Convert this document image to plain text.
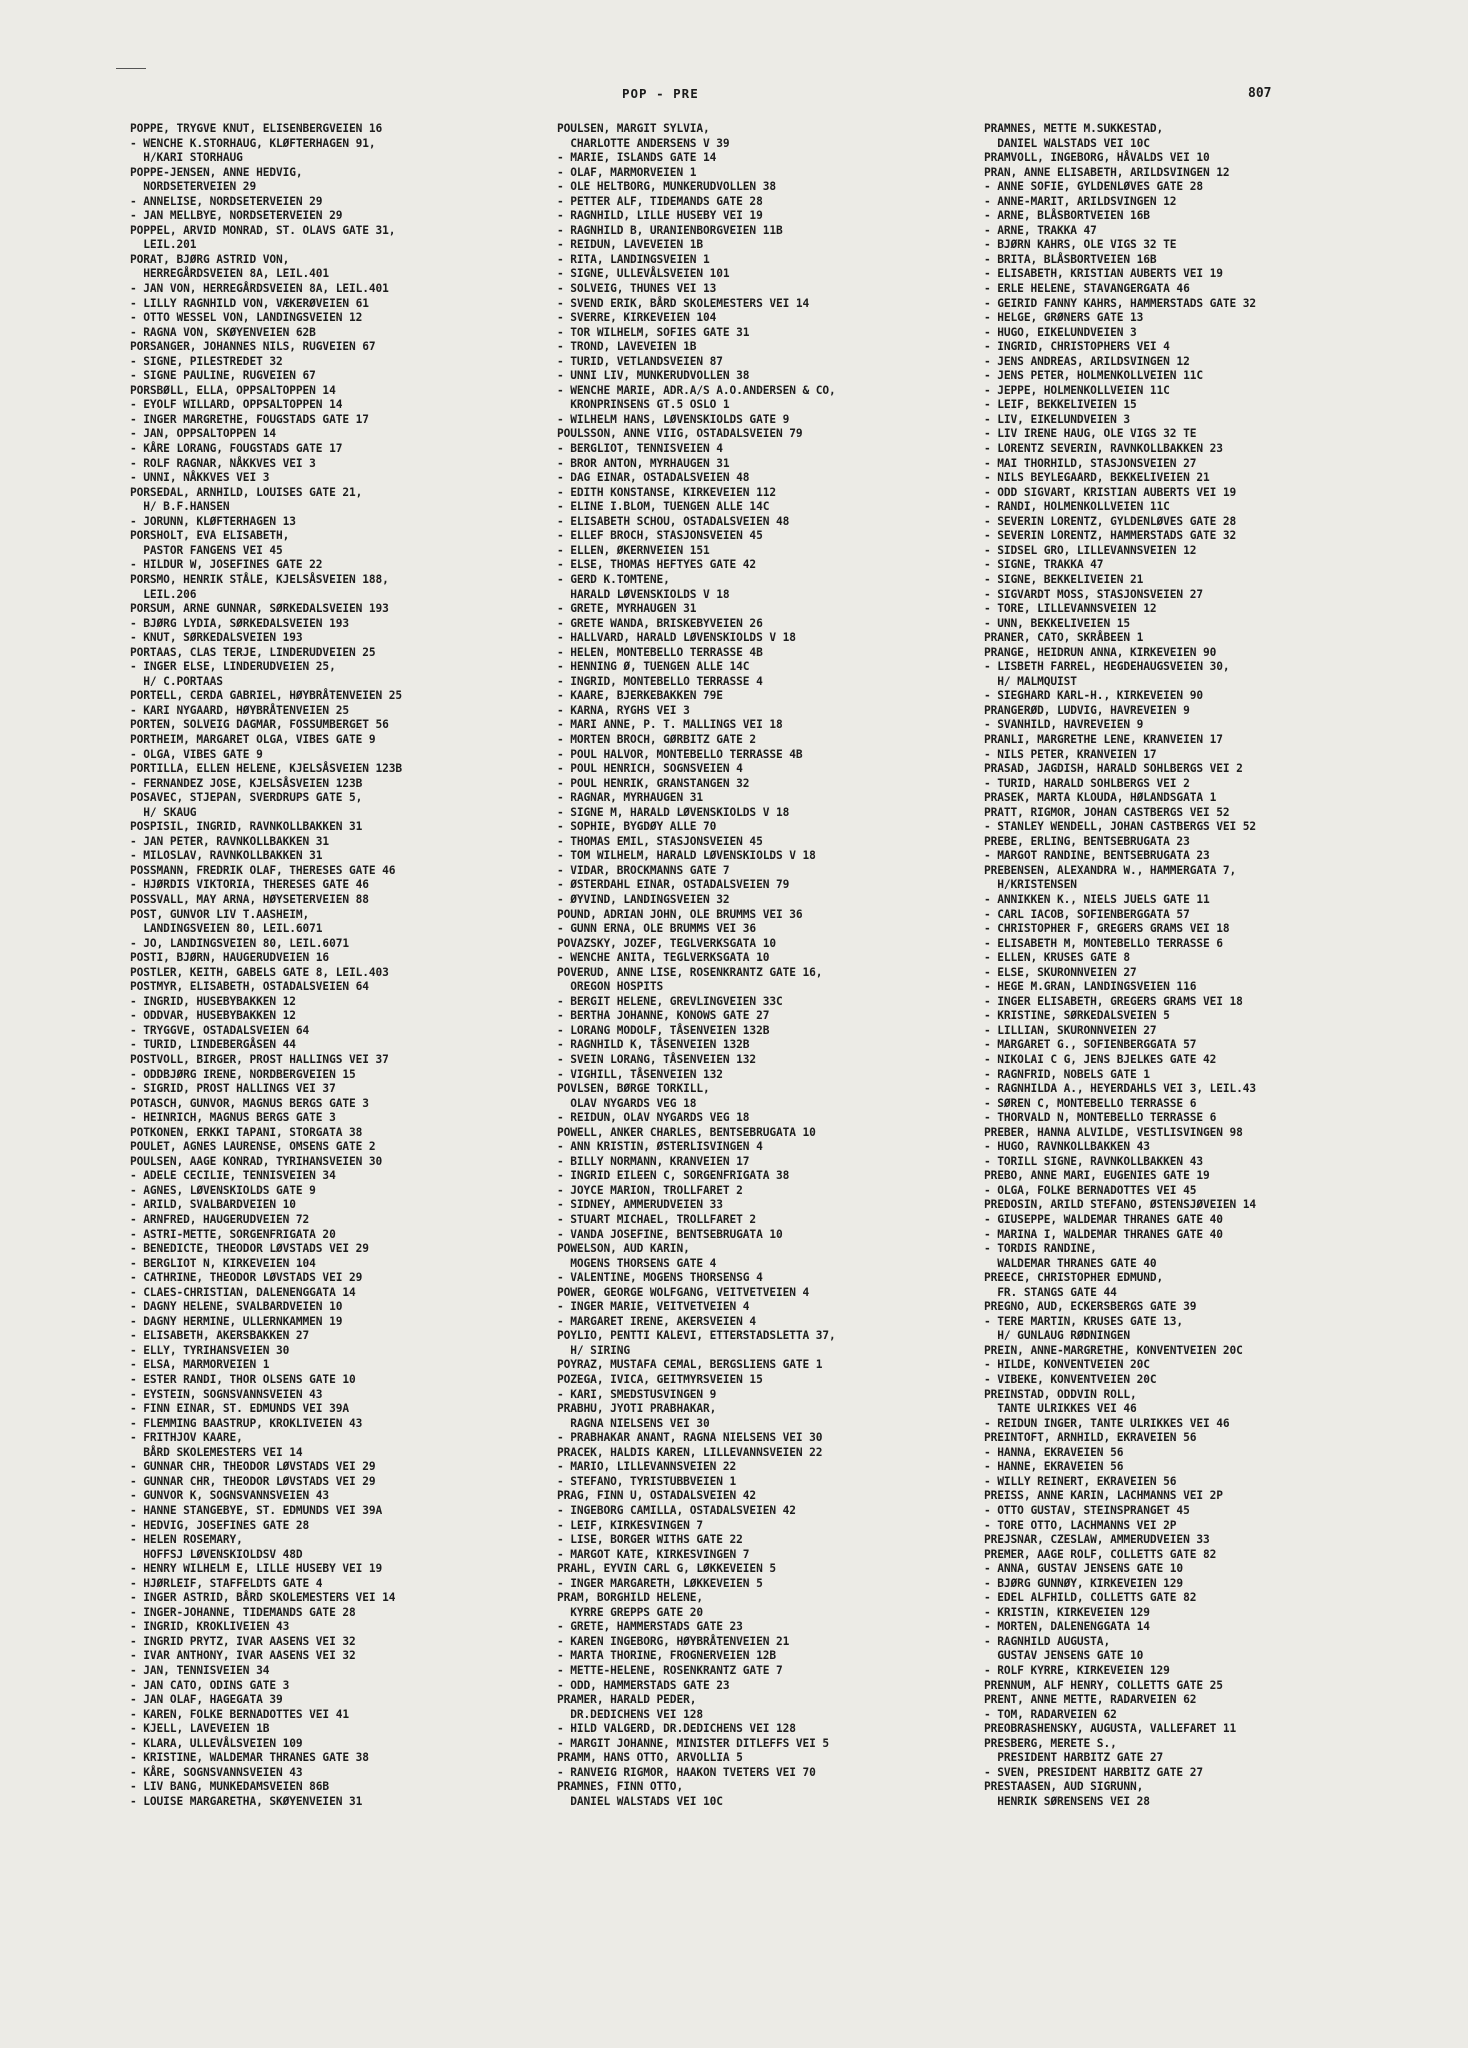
POP - PRE	807
POPPE, TRYGVE KNUT, ELISENBERGVEIEN 16
- WENCHE K.STORHAUG, KLØFTERHAGEN 91,
H/KARI STORHAUG
POPPE-JENSEN, ANNE HEDVIG,
NORDSETERVEIEN 29
- ANNELISE, NORDSETERVEIEN 29
- JAN MELLBYE, NORDSETERVEIEN 29
POPPEL, ARVID MONRAD, ST. OLAVS GATE 31,
LEIL.201
PORAT, BJØRG ASTRID VON,
HERREGÅRDSVEIEN 8A, LEIL.401
- JAN VON, HERREGÅRDSVEIEN 8A, LEIL.401
- LILLY RAGNHILD VON, VÆKERØVEIEN 61
- OTTO WESSEL VON, LANDINGSVEIEN 12
- RAGNA VON, SKØYENVEIEN 62B
PORSANGER, JOHANNES NILS, RUGVEIEN 67
- SIGNE, PILESTREDET 32
- SIGNE PAULINE, RUGVEIEN 67
PORSBØLL, ELLA, OPPSALTOPPEN 14
- EYOLF WILLARD, OPPSALTOPPEN 14
- INGER MARGRETHE, FOUGSTADS GATE 17
- JAN, OPPSALTOPPEN 14
- KÅRE LORANG, FOUGSTADS GATE 17
- ROLF RAGNAR, NÅKKVES VEI 3
- UNNI, NÅKKVES VEI 3
PORSEDAL, ARNHILD, LOUISES GATE 21,
H/ B.F.HANSEN
- JORUNN, KLØFTERHAGEN 13
PORSHOLT, EVA ELISABETH,
PASTOR FANGENS VEI 45
- HILDUR W, JOSEFINES GATE 22
PORSMO, HENRIK STÅLE, KJELSÅSVEIEN 188,
LEIL.206
PORSUM, ARNE GUNNAR, SØRKEDALSVEIEN 193
- BJØRG LYDIA, SØRKEDALSVEIEN 193
- KNUT, SØRKEDALSVEIEN 193
PORTAAS, CLAS TERJE, LINDERUDVEIEN 25
- INGER ELSE, LINDERUDVEIEN 25,
H/ C.PORTAAS
PORTELL, CERDA GABRIEL, HØYBRÅTENVEIEN 25
- KARI NYGAARD, HØYBRÅTENVEIEN 25
PORTEN, SOLVEIG DAGMAR, FOSSUMBERGET 56
PORTHEIM, MARGARET OLGA, VIBES GATE 9
- OLGA, VIBES GATE 9
PORTILLA, ELLEN HELENE, KJELSÅSVEIEN 123B
- FERNANDEZ JOSE, KJELSÅSVEIEN 123B
POSAVEC, STJEPAN, SVERDRUPS GATE 5,
H/ SKAUG
POSPISIL, INGRID, RAVNKOLLBAKKEN 31
- JAN PETER, RAVNKOLLBAKKEN 31
- MILOSLAV, RAVNKOLLBAKKEN 31
POSSMANN, FREDRIK OLAF, THERESES GATE 46
- HJØRDIS VIKTORIA, THERESES GATE 46
POSSVALL, MAY ARNA, HØYSETERVEIEN 88
POST, GUNVOR LIV T.AASHEIM,
LANDINGSVEIEN 80, LEIL.6071
- JO, LANDINGSVEIEN 80, LEIL.6071
POSTI, BJØRN, HAUGERUDVEIEN 16
POSTLER, KEITH, GABELS GATE 8, LEIL.403
POSTMYR, ELISABETH, OSTADALSVEIEN 64
- INGRID, HUSEBYBAKKEN 12
- ODDVAR, HUSEBYBAKKEN 12
- TRYGGVE, OSTADALSVEIEN 64
- TURID, LINDEBERGÅSEN 44
POSTVOLL, BIRGER, PROST HALLINGS VEI 37
- ODDBJØRG IRENE, NORDBERGVEIEN 15
- SIGRID, PROST HALLINGS VEI 37
POTASCH, GUNVOR, MAGNUS BERGS GATE 3
- HEINRICH, MAGNUS BERGS GATE 3
POTKONEN, ERKKI TAPANI, STORGATA 38
POULET, AGNES LAURENSE, OMSENS GATE 2
POULSEN, AAGE KONRAD, TYRIHANSVEIEN 30
- ADELE CECILIE, TENNISVEIEN 34
- AGNES, LØVENSKIOLDS GATE 9
- ARILD, SVALBARDVEIEN 10
- ARNFRED, HAUGERUDVEIEN 72
- ASTRI-METTE, SORGENFRIGATA 20
- BENEDICTE, THEODOR LØVSTADS VEI 29
- BERGLIOT N, KIRKEVEIEN 104
- CATHRINE, THEODOR LØVSTADS VEI 29
- CLAES-CHRISTIAN, DALENENGGATA 14
- DAGNY HELENE, SVALBARDVEIEN 10
- DAGNY HERMINE, ULLERNKAMMEN 19
- ELISABETH, AKERSBAKKEN 27
- ELLY, TYRIHANSVEIEN 30
- ELSA, MARMORVEIEN 1
- ESTER RANDI, THOR OLSENS GATE 10
- EYSTEIN, SOGNSVANNSVEIEN 43
- FINN EINAR, ST. EDMUNDS VEI 39A
- FLEMMING BAASTRUP, KROKLIVEIEN 43
- FRITHJOV KAARE,
BÅRD SKOLEMESTERS VEI 14
- GUNNAR CHR, THEODOR LØVSTADS VEI 29
- GUNNAR CHR, THEODOR LØVSTADS VEI 29
- GUNVOR K, SOGNSVANNSVEIEN 43
- HANNE STANGEBYE, ST. EDMUNDS VEI 39A
- HEDVIG, JOSEFINES GATE 28
- HELEN ROSEMARY,
HOFFSJ LØVENSKIOLDSV 48D
- HENRY WILHELM E, LILLE HUSEBY VEI 19
- HJØRLEIF, STAFFELDTS GATE 4
- INGER ASTRID, BÅRD SKOLEMESTERS VEI 14
- INGER-JOHANNE, TIDEMANDS GATE 28
- INGRID, KROKLIVEIEN 43
- INGRID PRYTZ, IVAR AASENS VEI 32
- IVAR ANTHONY, IVAR AASENS VEI 32
- JAN, TENNISVEIEN 34
- JAN CATO, ODINS GATE 3
- JAN OLAF, HAGEGATA 39
- KAREN, FOLKE BERNADOTTES VEI 41
- KJELL, LAVEVEIEN 1B
- KLARA, ULLEVÅLSVEIEN 109
- KRISTINE, WALDEMAR THRANES GATE 38
- KÅRE, SOGNSVANNSVEIEN 43
- LIV BANG, MUNKEDAMSVEIEN 86B
- LOUISE MARGARETHA, SKØYENVEIEN 31
POULSEN, MARGIT SYLVIA,
CHARLOTTE ANDERSENS V 39
- MARIE, ISLANDS GATE 14
- OLAF, MARMORVEIEN 1
- OLE HELTBORG, MUNKERUDVOLLEN 38
- PETTER ALF, TIDEMANDS GATE 28
- RAGNHILD, LILLE HUSEBY VEI 19
- RAGNHILD B, URANIENBORGVEIEN 11B
- REIDUN, LAVEVEIEN 1B
- RITA, LANDINGSVEIEN 1
- SIGNE, ULLEVÅLSVEIEN 101
- SOLVEIG, THUNES VEI 13
- SVEND ERIK, BÅRD SKOLEMESTERS VEI 14
- SVERRE, KIRKEVEIEN 104
- TOR WILHELM, SOFIES GATE 31
- TROND, LAVEVEIEN 1B
- TURID, VETLANDSVEIEN 87
- UNNI LIV, MUNKERUDVOLLEN 38
- WENCHE MARIE, ADR.A/S A.O.ANDERSEN & CO,
KRONPRINSENS GT.5 OSLO 1
- WILHELM HANS, LØVENSKIOLDS GATE 9
POULSSON, ANNE VIIG, OSTADALSVEIEN 79
- BERGLIOT, TENNISVEIEN 4
- BROR ANTON, MYRHAUGEN 31
- DAG EINAR, OSTADALSVEIEN 48
- EDITH KONSTANSE, KIRKEVEIEN 112
- ELINE I.BLOM, TUENGEN ALLE 14C
- ELISABETH SCHOU, OSTADALSVEIEN 48
- ELLEF BROCH, STASJONSVEIEN 45
- ELLEN, ØKERNVEIEN 151
- ELSE, THOMAS HEFTYES GATE 42
- GERD K.TOMTENE,
HARALD LØVENSKIOLDS V 18
- GRETE, MYRHAUGEN 31
- GRETE WANDA, BRISKEBYVEIEN 26
- HALLVARD, HARALD LØVENSKIOLDS V 18
- HELEN, MONTEBELLO TERRASSE 4B
- HENNING Ø, TUENGEN ALLE 14C
- INGRID, MONTEBELLO TERRASSE 4
- KAARE, BJERKEBAKKEN 79E
- KARNA, RYGHS VEI 3
- MARI ANNE, P. T. MALLINGS VEI 18
- MORTEN BROCH, GØRBITZ GATE 2
- POUL HALVOR, MONTEBELLO TERRASSE 4B
- POUL HENRICH, SOGNSVEIEN 4
- POUL HENRIK, GRANSTANGEN 32
- RAGNAR, MYRHAUGEN 31
- SIGNE M, HARALD LØVENSKIOLDS V 18
- SOPHIE, BYGDØY ALLE 70
- THOMAS EMIL, STASJONSVEIEN 45
- TOM WILHELM, HARALD LØVENSKIOLDS V 18
- VIDAR, BROCKMANNS GATE 7
- ØSTERDAHL EINAR, OSTADALSVEIEN 79
- ØYVIND, LANDINGSVEIEN 32
POUND, ADRIAN JOHN, OLE BRUMMS VEI 36
- GUNN ERNA, OLE BRUMMS VEI 36
POVAZSKY, JOZEF, TEGLVERKSGATA 10
- WENCHE ANITA, TEGLVERKSGATA 10
POVERUD, ANNE LISE, ROSENKRANTZ GATE 16,
OREGON HOSPITS
- BERGIT HELENE, GREVLINGVEIEN 33C
- BERTHA JOHANNE, KONOWS GATE 27
- LORANG MODOLF, TÅSENVEIEN 132B
- RAGNHILD K, TÅSENVEIEN 132B
- SVEIN LORANG, TÅSENVEIEN 132
- VIGHILL, TÅSENVEIEN 132
POVLSEN, BØRGE TORKILL,
OLAV NYGARDS VEG 18
- REIDUN, OLAV NYGARDS VEG 18
POWELL, ANKER CHARLES, BENTSEBRUGATA 10
- ANN KRISTIN, ØSTERLISVINGEN 4
- BILLY NORMANN, KRANVEIEN 17
- INGRID EILEEN C, SORGENFRIGATA 38
- JOYCE MARION, TROLLFARET 2
- SIDNEY, AMMERUDVEIEN 33
- STUART MICHAEL, TROLLFARET 2
- VANDA JOSEFINE, BENTSEBRUGATA 10
POWELSON, AUD KARIN,
MOGENS THORSENS GATE 4
- VALENTINE, MOGENS THORSENSG 4
POWER, GEORGE WOLFGANG, VEITVETVEIEN 4
- INGER MARIE, VEITVETVEIEN 4
- MARGARET IRENE, AKERSVEIEN 4
POYLIO, PENTTI KALEVI, ETTERSTADSLETTA 37,
H/ SIRING
POYRAZ, MUSTAFA CEMAL, BERGSLIENS GATE 1
POZEGA, IVICA, GEITMYRSVEIEN 15
- KARI, SMEDSTUSVINGEN 9
PRABHU, JYOTI PRABHAKAR,
RAGNA NIELSENS VEI 30
- PRABHAKAR ANANT, RAGNA NIELSENS VEI 30
PRACEK, HALDIS KAREN, LILLEVANNSVEIEN 22
- MARIO, LILLEVANNSVEIEN 22
- STEFANO, TYRISTUBBVEIEN 1
PRAG, FINN U, OSTADALSVEIEN 42
- INGEBORG CAMILLA, OSTADALSVEIEN 42
- LEIF, KIRKESVINGEN 7
- LISE, BORGER WITHS GATE 22
- MARGOT KATE, KIRKESVINGEN 7
PRAHL, EYVIN CARL G, LØKKEVEIEN 5
- INGER MARGARETH, LØKKEVEIEN 5
PRAM, BORGHILD HELENE,
KYRRE GREPPS GATE 20
- GRETE, HAMMERSTADS GATE 23
- KAREN INGEBORG, HØYBRÅTENVEIEN 21
- MARTA THORINE, FROGNERVEIEN 12B
- METTE-HELENE, ROSENKRANTZ GATE 7
- ODD, HAMMERSTADS GATE 23
PRAMER, HARALD PEDER,
DR.DEDICHENS VEI 128
- HILD VALGERD, DR.DEDICHENS VEI 128
- MARGIT JOHANNE, MINISTER DITLEFFS VEI 5
PRAMM, HANS OTTO, ARVOLLIA 5
- RANVEIG RIGMOR, HAAKON TVETERS VEI 70
PRAMNES, FINN OTTO,
DANIEL WALSTADS VEI 10C
PRAMNES, METTE M.SUKKESTAD,
DANIEL WALSTADS VEI 10C
PRAMVOLL, INGEBORG, HÅVALDS VEI 10
PRAN, ANNE ELISABETH, ARILDSVINGEN 12
- ANNE SOFIE, GYLDENLØVES GATE 28
- ANNE-MARIT, ARILDSVINGEN 12
- ARNE, BLÅSBORTVEIEN 16B
- ARNE, TRAKKA 47
- BJØRN KAHRS, OLE VIGS 32 TE
- BRITA, BLÅSBORTVEIEN 16B
- ELISABETH, KRISTIAN AUBERTS VEI 19
- ERLE HELENE, STAVANGERGATA 46
- GEIRID FANNY KAHRS, HAMMERSTADS GATE 32
- HELGE, GRØNERS GATE 13
- HUGO, EIKELUNDVEIEN 3
- INGRID, CHRISTOPHERS VEI 4
- JENS ANDREAS, ARILDSVINGEN 12
- JENS PETER, HOLMENKOLLVEIEN 11C
- JEPPE, HOLMENKOLLVEIEN 11C
- LEIF, BEKKELIVEIEN 15
- LIV, EIKELUNDVEIEN 3
- LIV IRENE HAUG, OLE VIGS 32 TE
- LORENTZ SEVERIN, RAVNKOLLBAKKEN 23
- MAI THORHILD, STASJONSVEIEN 27
- NILS BEYLEGAARD, BEKKELIVEIEN 21
- ODD SIGVART, KRISTIAN AUBERTS VEI 19
- RANDI, HOLMENKOLLVEIEN 11C
- SEVERIN LORENTZ, GYLDENLØVES GATE 28
- SEVERIN LORENTZ, HAMMERSTADS GATE 32
- SIDSEL GRO, LILLEVANNSVEIEN 12
- SIGNE, TRAKKA 47
- SIGNE, BEKKELIVEIEN 21
- SIGVARDT MOSS, STASJONSVEIEN 27
- TORE, LILLEVANNSVEIEN 12
- UNN, BEKKELIVEIEN 15
PRANER, CATO, SKRÅBEEN 1
PRANGE, HEIDRUN ANNA, KIRKEVEIEN 90
- LISBETH FARREL, HEGDEHAUGSVEIEN 30,
H/ MALMQUIST
- SIEGHARD KARL-H., KIRKEVEIEN 90
PRANGERØD, LUDVIG, HAVREVEIEN 9
- SVANHILD, HAVREVEIEN 9
PRANLI, MARGRETHE LENE, KRANVEIEN 17
- NILS PETER, KRANVEIEN 17
PRASAD, JAGDISH, HARALD SOHLBERGS VEI 2
- TURID, HARALD SOHLBERGS VEI 2
PRASEK, MARTA KLOUDA, HØLANDSGATA 1
PRATT, RIGMOR, JOHAN CASTBERGS VEI 52
- STANLEY WENDELL, JOHAN CASTBERGS VEI 52
PREBE, ERLING, BENTSEBRUGATA 23
- MARGOT RANDINE, BENTSEBRUGATA 23
PREBENSEN, ALEXANDRA W., HAMMERGATA 7,
H/KRISTENSEN
- ANNIKKEN K., NIELS JUELS GATE 11
- CARL IACOB, SOFIENBERGGATA 57
- CHRISTOPHER F, GREGERS GRAMS VEI 18
- ELISABETH M, MONTEBELLO TERRASSE 6
- ELLEN, KRUSES GATE 8
- ELSE, SKURONNVEIEN 27
- HEGE M.GRAN, LANDINGSVEIEN 116
- INGER ELISABETH, GREGERS GRAMS VEI 18
- KRISTINE, SØRKEDALSVEIEN 5
- LILLIAN, SKURONNVEIEN 27
- MARGARET G., SOFIENBERGGATA 57
- NIKOLAI C G, JENS BJELKES GATE 42
- RAGNFRID, NOBELS GATE 1
- RAGNHILDA A., HEYERDAHLS VEI 3, LEIL.43
- SØREN C, MONTEBELLO TERRASSE 6
- THORVALD N, MONTEBELLO TERRASSE 6
PREBER, HANNA ALVILDE, VESTLISVINGEN 98
- HUGO, RAVNKOLLBAKKEN 43
- TORILL SIGNE, RAVNKOLLBAKKEN 43
PREBO, ANNE MARI, EUGENIES GATE 19
- OLGA, FOLKE BERNADOTTES VEI 45
PREDOSIN, ARILD STEFANO, ØSTENSJØVEIEN 14
- GIUSEPPE, WALDEMAR THRANES GATE 40
- MARINA I, WALDEMAR THRANES GATE 40
- TORDIS RANDINE,
WALDEMAR THRANES GATE 40
PREECE, CHRISTOPHER EDMUND,
FR. STANGS GATE 44
PREGNO, AUD, ECKERSBERGS GATE 39
- TERE MARTIN, KRUSES GATE 13,
H/ GUNLAUG RØDNINGEN
PREIN, ANNE-MARGRETHE, KONVENTVEIEN 20C
- HILDE, KONVENTVEIEN 20C
- VIBEKE, KONVENTVEIEN 20C
PREINSTAD, ODDVIN ROLL,
TANTE ULRIKKES VEI 46
- REIDUN INGER, TANTE ULRIKKES VEI 46
PREINTOFT, ARNHILD, EKRAVEIEN 56
- HANNA, EKRAVEIEN 56
- HANNE, EKRAVEIEN 56
- WILLY REINERT, EKRAVEIEN 56
PREISS, ANNE KARIN, LACHMANNS VEI 2P
- OTTO GUSTAV, STEINSPRANGET 45
- TORE OTTO, LACHMANNS VEI 2P
PREJSNAR, CZESLAW, AMMERUDVEIEN 33
PREMER, AAGE ROLF, COLLETTS GATE 82
- ANNA, GUSTAV JENSENS GATE 10
- BJØRG GUNNØY, KIRKEVEIEN 129
- EDEL ALFHILD, COLLETTS GATE 82
- KRISTIN, KIRKEVEIEN 129
- MORTEN, DALENENGGATA 14
- RAGNHILD AUGUSTA,
GUSTAV JENSENS GATE 10
- ROLF KYRRE, KIRKEVEIEN 129
PRENNUM, ALF HENRY, COLLETTS GATE 25
PRENT, ANNE METTE, RADARVEIEN 62
- TOM, RADARVEIEN 62
PREOBRASHENSKY, AUGUSTA, VALLEFARET 11
PRESBERG, MERETE S.,
PRESIDENT HARBITZ GATE 27
- SVEN, PRESIDENT HARBITZ GATE 27
PRESTAASEN, AUD SIGRUNN,
HENRIK SØRENSENS VEI 28
